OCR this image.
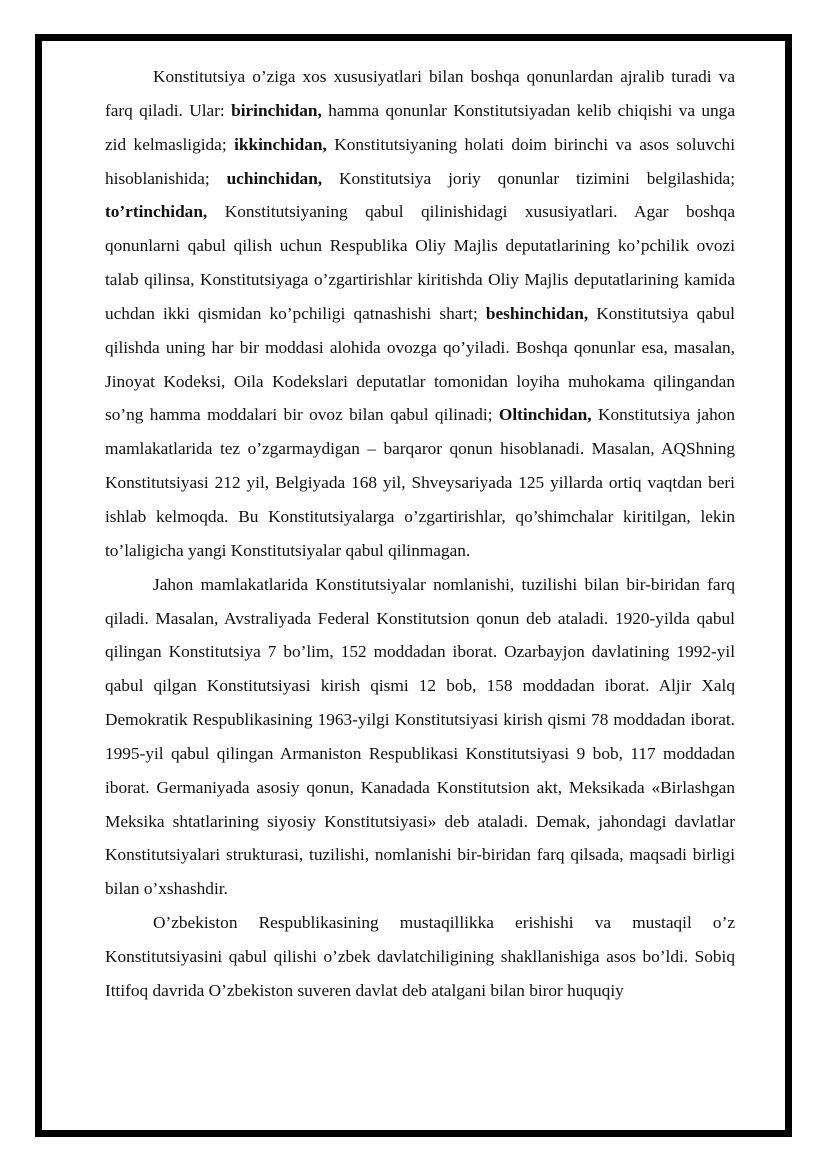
Konstitutsiya o’ziga xos xususiyatlari bilan boshqa qonunlardan ajralib turadi va farq qiladi. Ular: birinchidan, hamma qonunlar Konstitutsiyadan kelib chiqishi va unga zid kelmasligida; ikkinchidan, Konstitutsiyaning holati doim birinchi va asos soluvchi hisoblanishida; uchinchidan, Konstitutsiya joriy qonunlar tizimini belgilashida; to’rtinchidan, Konstitutsiyaning qabul qilinishidagi xususiyatlari. Agar boshqa qonunlarni qabul qilish uchun Respublika Oliy Majlis deputatlarining ko’pchilik ovozi talab qilinsa, Konstitutsiyaga o’zgartirishlar kiritishda Oliy Majlis deputatlarining kamida uchdan ikki qismidan ko’pchiligi qatnashishi shart; beshinchidan, Konstitutsiya qabul qilishda uning har bir moddasi alohida ovozga qo’yiladi. Boshqa qonunlar esa, masalan, Jinoyat Kodeksi, Oila Kodekslari deputatlar tomonidan loyiha muhokama qilingandan so’ng hamma moddalari bir ovoz bilan qabul qilinadi; Oltinchidan, Konstitutsiya jahon mamlakatlarida tez o’zgarmaydigan – barqaror qonun hisoblanadi. Masalan, AQShning Konstitutsiyasi 212 yil, Belgiyada 168 yil, Shveysariyada 125 yillarda ortiq vaqtdan beri ishlab kelmoqda. Bu Konstitutsiyalarga o’zgartirishlar, qo’shimchalar kiritilgan, lekin to’laligicha yangi Konstitutsiyalar qabul qilinmagan.

Jahon mamlakatlarida Konstitutsiyalar nomlanishi, tuzilishi bilan bir-biridan farq qiladi. Masalan, Avstraliyada Federal Konstitutsion qonun deb ataladi. 1920-yilda qabul qilingan Konstitutsiya 7 bo’lim, 152 moddadan iborat. Ozarbayjon davlatining 1992-yil qabul qilgan Konstitutsiyasi kirish qismi 12 bob, 158 moddadan iborat. Aljir Xalq Demokratik Respublikasining 1963-yilgi Konstitutsiyasi kirish qismi 78 moddadan iborat. 1995-yil qabul qilingan Armaniston Respublikasi Konstitutsiyasi 9 bob, 117 moddadan iborat. Germaniyada asosiy qonun, Kanadada Konstitutsion akt, Meksikada «Birlashgan Meksika shtatlarining siyosiy Konstitutsiyasi» deb ataladi. Demak, jahondagi davlatlar Konstitutsiyalari strukturasi, tuzilishi, nomlanishi bir-biridan farq qilsada, maqsadi birligi bilan o’xshashdir.

O’zbekiston Respublikasining mustaqillikka erishishi va mustaqil o’z Konstitutsiyasini qabul qilishi o’zbek davlatchiligining shakllanishiga asos bo’ldi. Sobiq Ittifoq davrida O’zbekiston suveren davlat deb atalgani bilan biror huquqiy
